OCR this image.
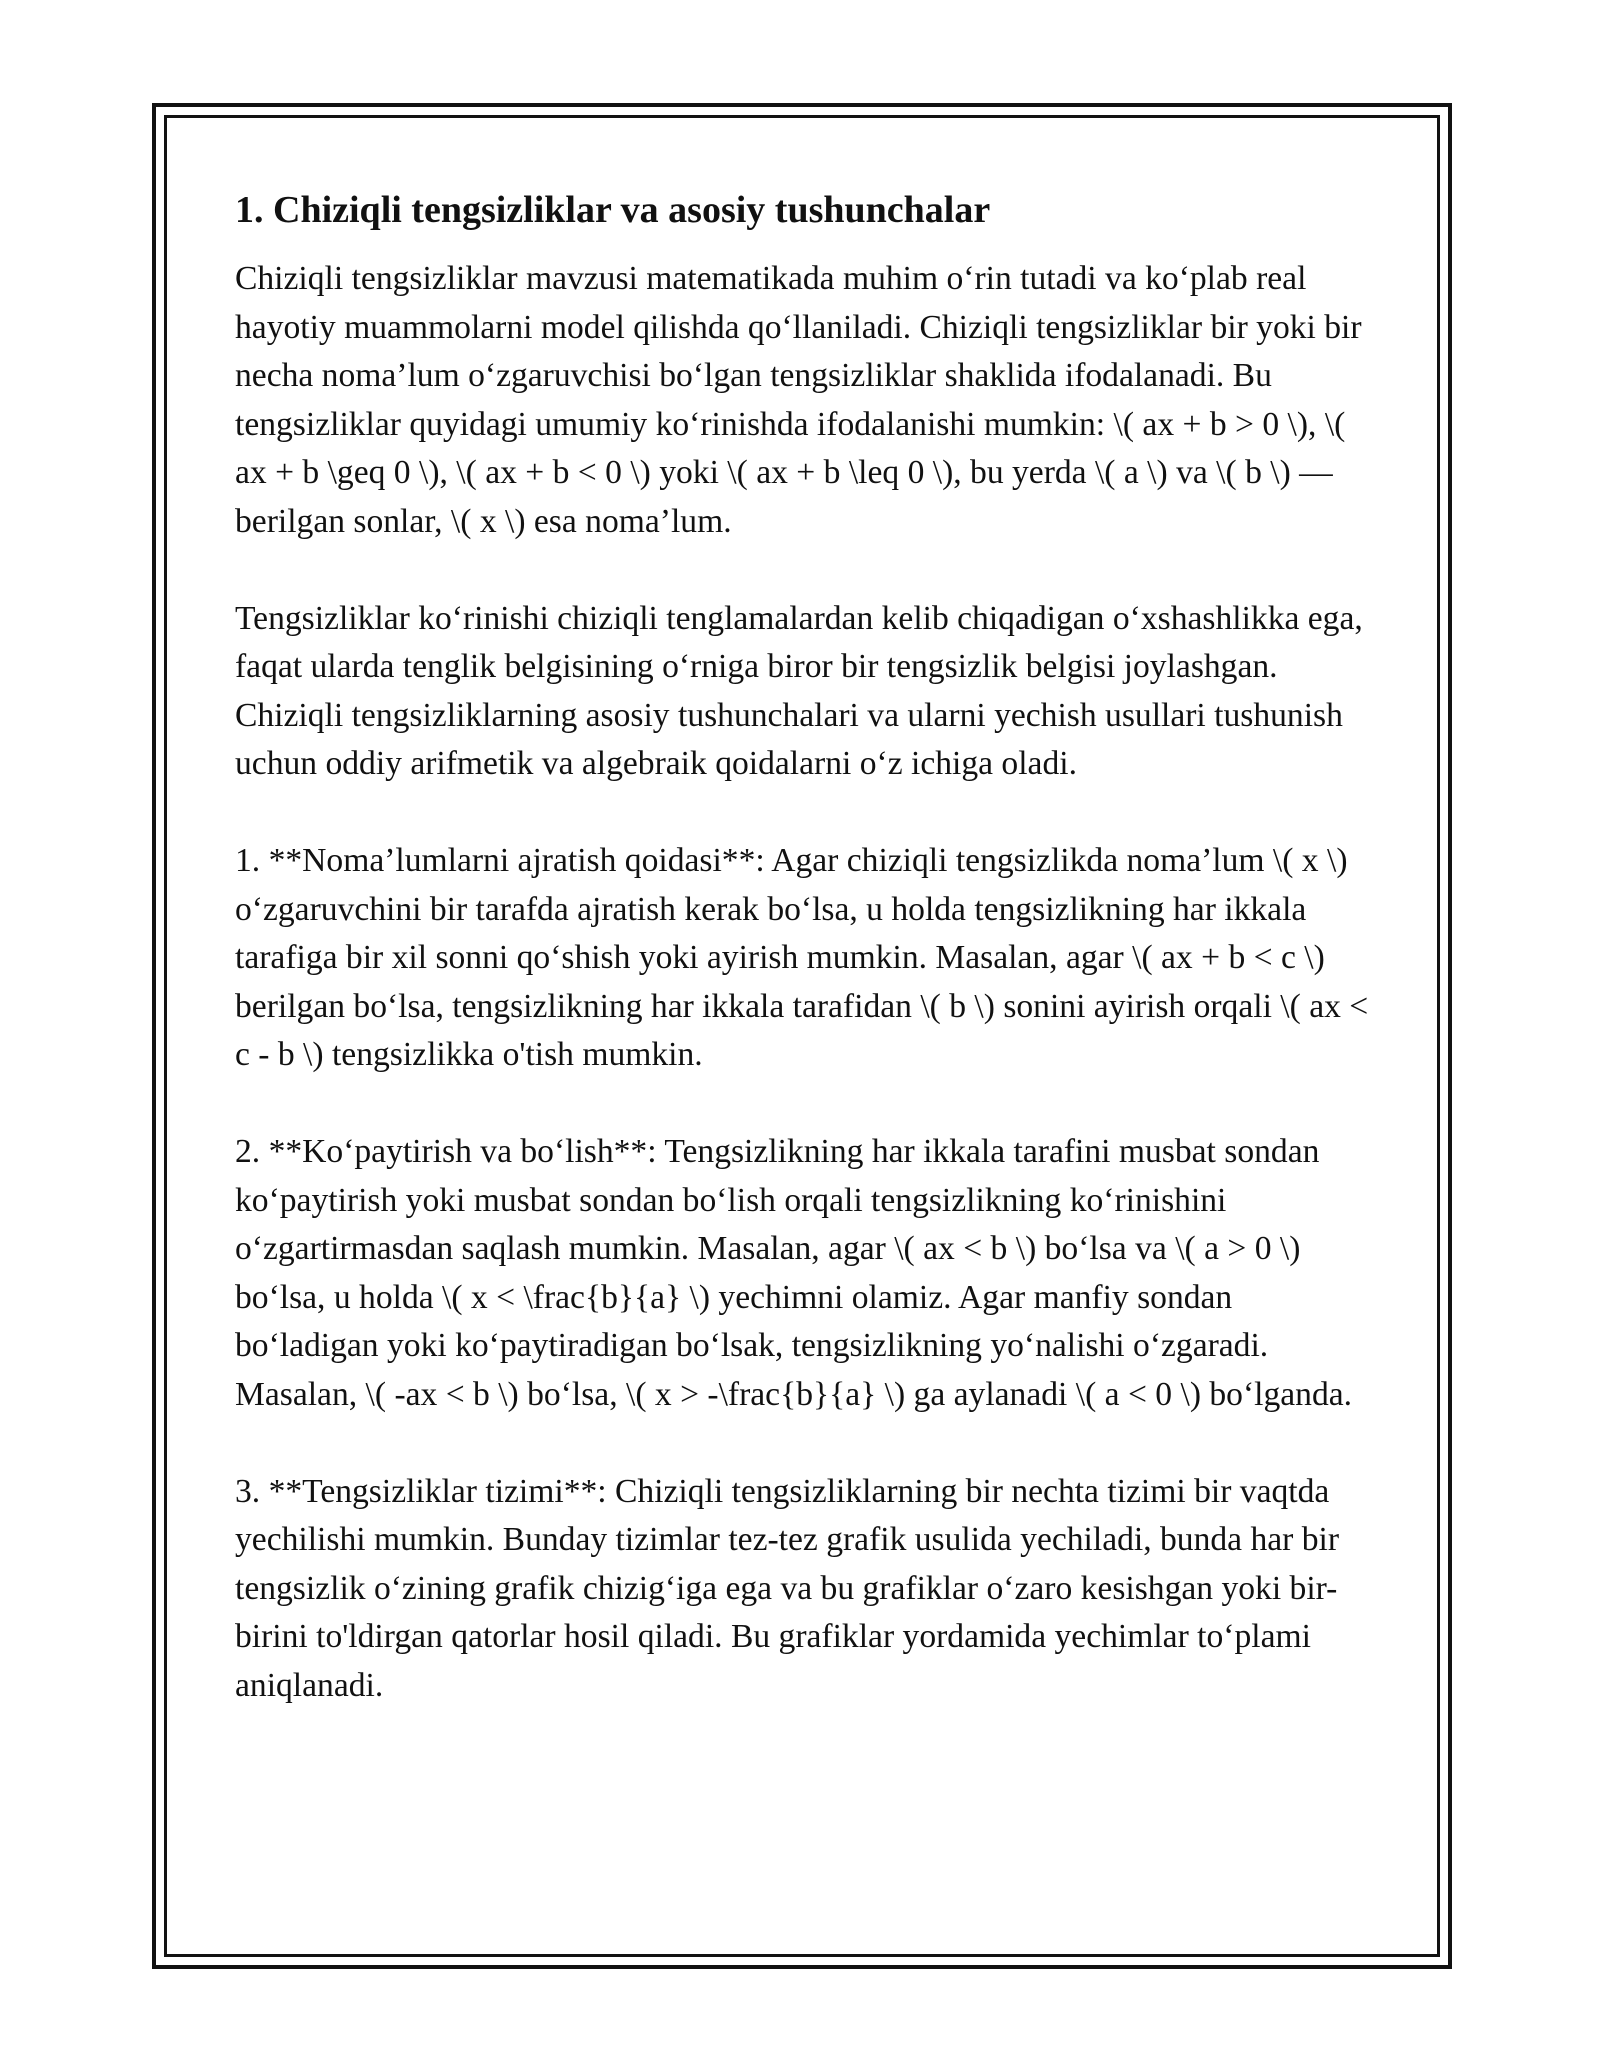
1. Chiziqli tengsizliklar va asosiy tushunchalar

Chiziqli tengsizliklar mavzusi matematikada muhim o‘rin tutadi va ko‘plab real hayotiy muammolarni model qilishda qo‘llaniladi. Chiziqli tengsizliklar bir yoki bir necha noma’lum o‘zgaruvchisi bo‘lgan tengsizliklar shaklida ifodalanadi. Bu tengsizliklar quyidagi umumiy ko‘rinishda ifodalanishi mumkin: \( ax + b > 0 \), \( ax + b \geq 0 \), \( ax + b < 0 \) yoki \( ax + b \leq 0 \), bu yerda \( a \) va \( b \) — berilgan sonlar, \( x \) esa noma’lum.

Tengsizliklar ko‘rinishi chiziqli tenglamalardan kelib chiqadigan o‘xshashlikka ega, faqat ularda tenglik belgisining o‘rniga biror bir tengsizlik belgisi joylashgan. Chiziqli tengsizliklarning asosiy tushunchalari va ularni yechish usullari tushunish uchun oddiy arifmetik va algebraik qoidalarni o‘z ichiga oladi.

1. **Noma’lumlarni ajratish qoidasi**: Agar chiziqli tengsizlikda noma’lum \( x \) o‘zgaruvchini bir tarafda ajratish kerak bo‘lsa, u holda tengsizlikning har ikkala tarafiga bir xil sonni qo‘shish yoki ayirish mumkin. Masalan, agar \( ax + b < c \) berilgan bo‘lsa, tengsizlikning har ikkala tarafidan \( b \) sonini ayirish orqali \( ax < c - b \) tengsizlikka o'tish mumkin.

2. **Ko‘paytirish va bo‘lish**: Tengsizlikning har ikkala tarafini musbat sondan ko‘paytirish yoki musbat sondan bo‘lish orqali tengsizlikning ko‘rinishini o‘zgartirmasdan saqlash mumkin. Masalan, agar \( ax < b \) bo‘lsa va \( a > 0 \) bo‘lsa, u holda \( x < \frac{b}{a} \) yechimni olamiz. Agar manfiy sondan bo‘ladigan yoki ko‘paytiradigan bo‘lsak, tengsizlikning yo‘nalishi o‘zgaradi. Masalan, \( -ax < b \) bo‘lsa, \( x > -\frac{b}{a} \) ga aylanadi \( a < 0 \) bo‘lganda.

3. **Tengsizliklar tizimi**: Chiziqli tengsizliklarning bir nechta tizimi bir vaqtda yechilishi mumkin. Bunday tizimlar tez-tez grafik usulida yechiladi, bunda har bir tengsizlik o‘zining grafik chizig‘iga ega va bu grafiklar o‘zaro kesishgan yoki bir-birini to'ldirgan qatorlar hosil qiladi. Bu grafiklar yordamida yechimlar to‘plami aniqlanadi.
